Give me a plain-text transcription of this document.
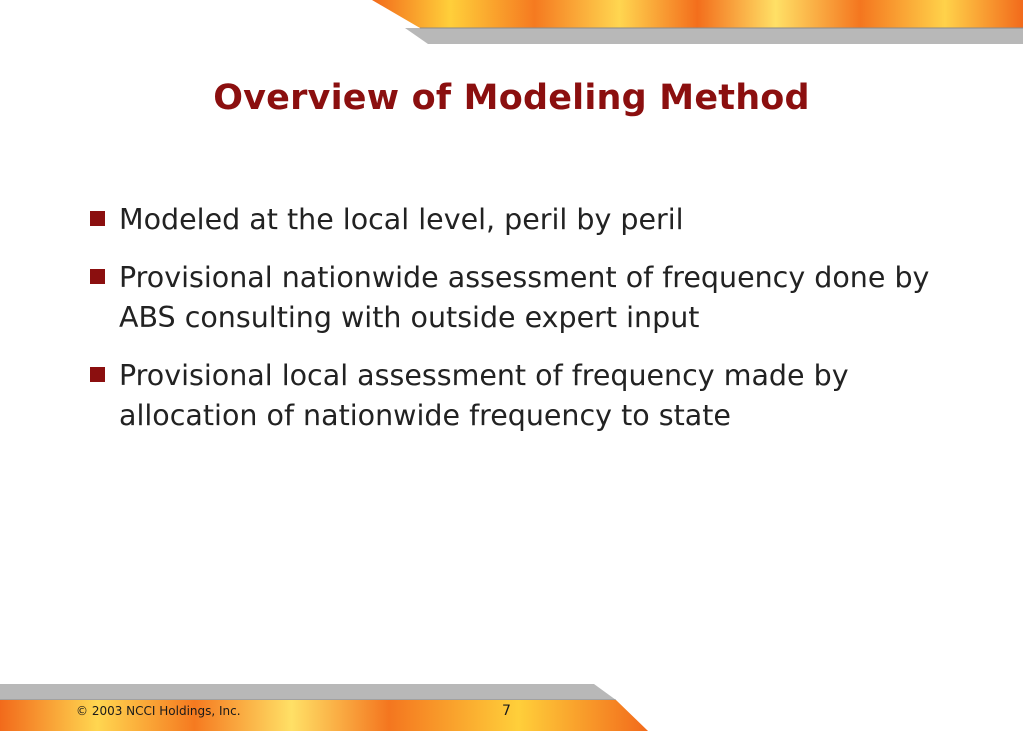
Overview of Modeling Method
Modeled at the local level, peril by peril
Provisional nationwide assessment of frequency done by ABS consulting with outside expert input
Provisional local assessment of frequency made by allocation of nationwide frequency to state
© 2003 NCCI Holdings, Inc.	7
